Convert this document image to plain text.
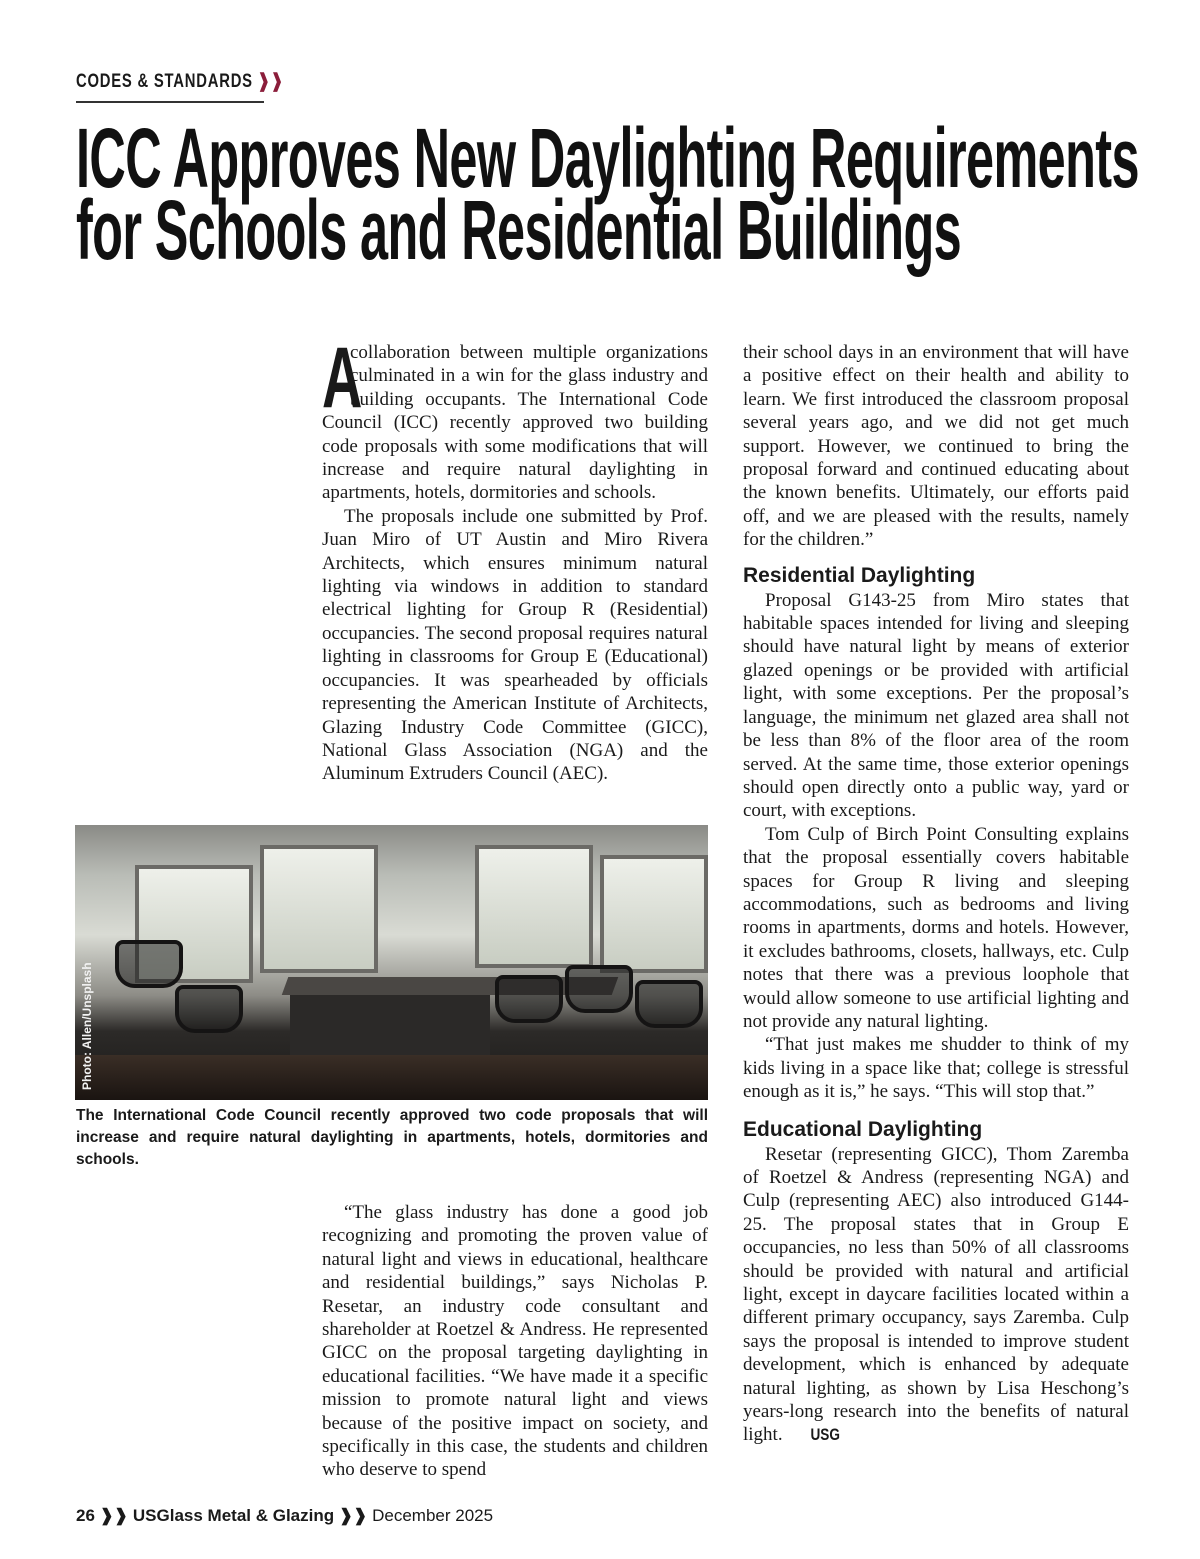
CODES & STANDARDS ❱❱
ICC Approves New Daylighting Requirements
for Schools and Residential Buildings

A
collaboration between multiple organizations culminated in a win for the glass industry and building occupants. The International Code Council (ICC) recently approved two building code proposals with some modifications that will increase and require natural daylighting in apartments, hotels, dormitories and schools.

The proposals include one submitted by Prof. Juan Miro of UT Austin and Miro Rivera Architects, which ensures minimum natural lighting via windows in addition to standard electrical lighting for Group R (Residential) occupancies. The second proposal requires natural lighting in classrooms for Group E (Educational) occupancies. It was spearheaded by officials representing the American Institute of Architects, Glazing Industry Code Committee (GICC), National Glass Association (NGA) and the Aluminum Extruders Council (AEC).

Photo: Allen/Unsplash
The International Code Council recently approved two code proposals that will increase and require natural daylighting in apartments, hotels, dormitories and schools.

“The glass industry has done a good job recognizing and promoting the proven value of natural light and views in educational, healthcare and residential buildings,” says Nicholas P. Resetar, an industry code consultant and shareholder at Roetzel & Andress. He represented GICC on the proposal targeting daylighting in educational facilities. “We have made it a specific mission to promote natural light and views because of the positive impact on society, and specifically in this case, the students and children who deserve to spend

their school days in an environment that will have a positive effect on their health and ability to learn. We first introduced the classroom proposal several years ago, and we did not get much support. However, we continued to bring the proposal forward and continued educating about the known benefits. Ultimately, our efforts paid off, and we are pleased with the results, namely for the children.”

Residential Daylighting

Proposal G143-25 from Miro states that habitable spaces intended for living and sleeping should have natural light by means of exterior glazed openings or be provided with artificial light, with some exceptions. Per the proposal’s language, the minimum net glazed area shall not be less than 8% of the floor area of the room served. At the same time, those exterior openings should open directly onto a public way, yard or court, with exceptions.

Tom Culp of Birch Point Consulting explains that the proposal essentially covers habitable spaces for Group R living and sleeping accommodations, such as bedrooms and living rooms in apartments, dorms and hotels. However, it excludes bathrooms, closets, hallways, etc. Culp notes that there was a previous loophole that would allow someone to use artificial lighting and not provide any natural lighting.

“That just makes me shudder to think of my kids living in a space like that; college is stressful enough as it is,” he says. “This will stop that.”

Educational Daylighting

Resetar (representing GICC), Thom Zaremba of Roetzel & Andress (representing NGA) and Culp (representing AEC) also introduced G144-25. The proposal states that in Group E occupancies, no less than 50% of all classrooms should be provided with natural and artificial light, except in daycare facilities located within a different primary occupancy, says Zaremba. Culp says the proposal is intended to improve student development, which is enhanced by adequate natural lighting, as shown by Lisa Heschong’s years-long research into the benefits of natural light. USG

26 ❱❱ USGlass Metal & Glazing ❱❱ December 2025
